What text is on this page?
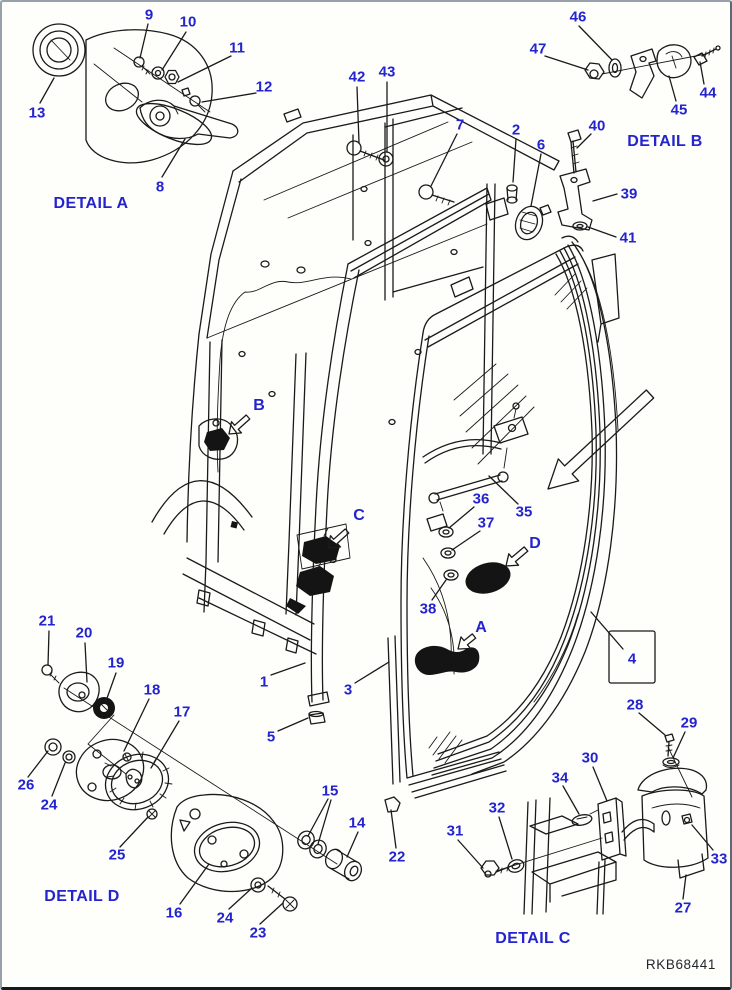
RKB68441
9 10
11
12
13
8
42 43
46
47
44
45
7	2
6
40
39
41
36
37
35
38
4
21
20
19
18
17
26
24
25
1	3
5
15
14
22
16 24
23
28
29
30
34
32
31
33
27
DETAIL A
DETAIL B
DETAIL C
DETAIL D
B
C
D
A
